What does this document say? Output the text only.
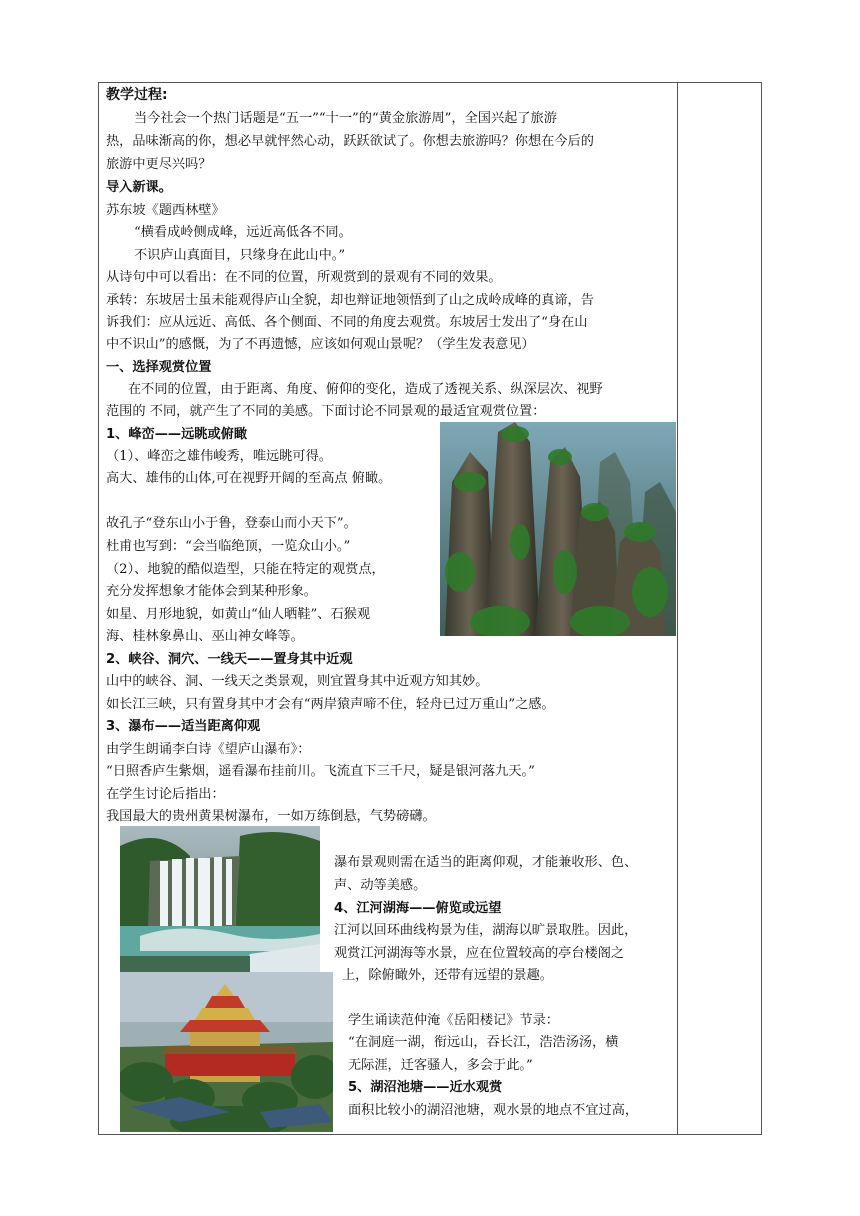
教学过程:
当今社会一个热门话题是“五一”“十一”的“黄金旅游周”，全国兴起了旅游
热，品味渐高的你，想必早就怦然心动，跃跃欲试了。你想去旅游吗？你想在今后的
旅游中更尽兴吗？
导入新课。
苏东坡《题西林壁》
“横看成岭侧成峰，远近高低各不同。
不识庐山真面目，只缘身在此山中。”
从诗句中可以看出：在不同的位置，所观赏到的景观有不同的效果。
承转：东坡居士虽未能观得庐山全貌，却也辩证地领悟到了山之成岭成峰的真谛，告
诉我们：应从远近、高低、各个侧面、不同的角度去观赏。东坡居士发出了“身在山
中不识山”的感慨，为了不再遗憾，应该如何观山景呢？（学生发表意见）
一、选择观赏位置
在不同的位置，由于距离、角度、俯仰的变化，造成了透视关系、纵深层次、视野
范围的 不同，就产生了不同的美感。下面讨论不同景观的最适宜观赏位置：
1、峰峦——远眺或俯瞰
（1）、峰峦之雄伟峻秀，唯远眺可得。
高大、雄伟的山体,可在视野开阔的至高点 俯瞰。
故孔子“登东山小于鲁，登泰山而小天下”。
杜甫也写到：“会当临绝顶，一览众山小。”
（2）、地貌的酷似造型，只能在特定的观赏点，
充分发挥想象才能体会到某种形象。
如星、月形地貌，如黄山“仙人晒鞋”、石猴观
海、桂林象鼻山、巫山神女峰等。
2、峡谷、洞穴、一线天——置身其中近观
山中的峡谷、洞、一线天之类景观，则宜置身其中近观方知其妙。
如长江三峡，只有置身其中才会有“两岸猿声啼不住，轻舟已过万重山”之感。
3、瀑布——适当距离仰观
由学生朗诵李白诗《望庐山瀑布》：
“日照香庐生紫烟，遥看瀑布挂前川。飞流直下三千尺，疑是银河落九天。”
在学生讨论后指出：
我国最大的贵州黄果树瀑布，一如万练倒悬，气势磅礴。
瀑布景观则需在适当的距离仰观，才能兼收形、色、
声、动等美感。
4、江河湖海——俯览或远望
江河以回环曲线构景为佳，湖海以旷景取胜。因此，
观赏江河湖海等水景，应在位置较高的亭台楼阁之
上，除俯瞰外，还带有远望的景趣。
学生诵读范仲淹《岳阳楼记》节录：
“在洞庭一湖，衔远山，吞长江，浩浩汤汤，横
无际涯，迁客骚人，多会于此。”
5、湖沼池塘——近水观赏
面积比较小的湖沼池塘，观水景的地点不宜过高，
